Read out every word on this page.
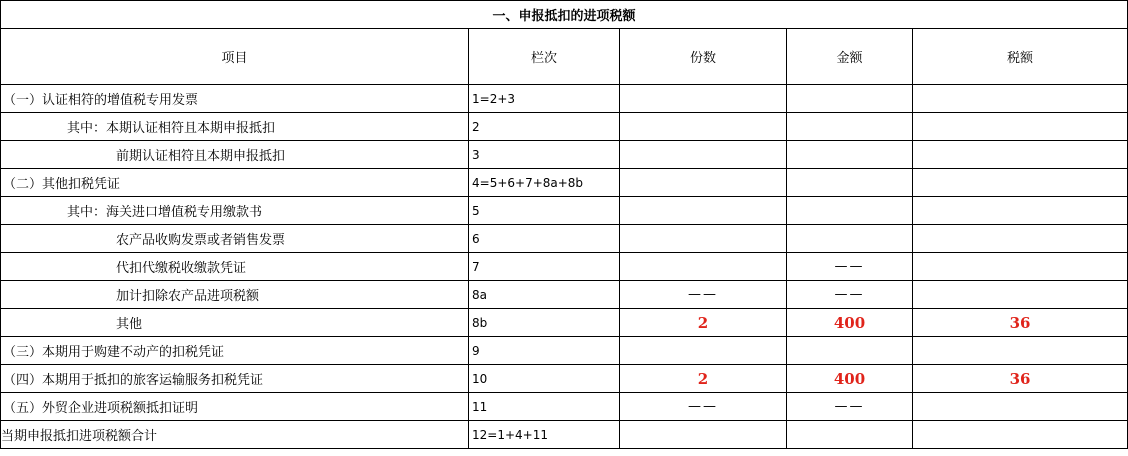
一、申报抵扣的进项税额				
项目	栏次	份数	金额	税额
（一）认证相符的增值税专用发票	1=2+3			
其中：本期认证相符且本期申报抵扣	2			
前期认证相符且本期申报抵扣	3			
（二）其他扣税凭证	4=5+6+7+8a+8b			
其中：海关进口增值税专用缴款书	5			
农产品收购发票或者销售发票	6			
代扣代缴税收缴款凭证	7		——	
加计扣除农产品进项税额	8a	——	——	
其他	8b	2	400	36
（三）本期用于购建不动产的扣税凭证	9			
（四）本期用于抵扣的旅客运输服务扣税凭证	10	2	400	36
（五）外贸企业进项税额抵扣证明	11	——	——	
当期申报抵扣进项税额合计	12=1+4+11			
